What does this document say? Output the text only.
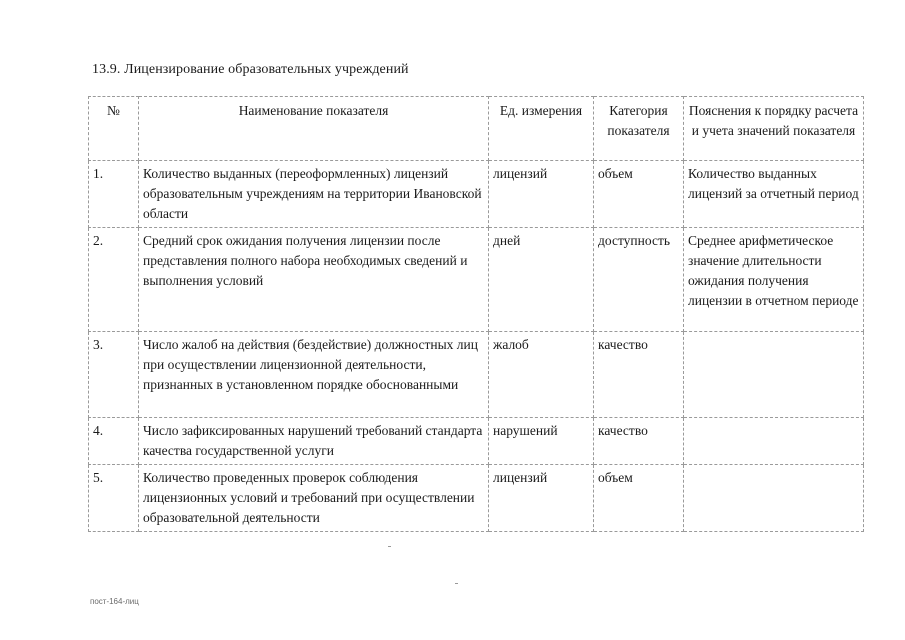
13.9. Лицензирование образовательных учреждений
№	Наименование показателя	Ед. измерения	Категория показателя	Пояснения к порядку расчета и учета значений показателя
1.	Количество выданных (переоформленных) лицензий образовательным учреждениям на территории Ивановской области	лицензий	объем	Количество выданных лицензий за отчетный период
2.	Средний срок ожидания получения лицензии после представления полного набора необходимых сведений и выполнения условий	дней	доступность	Среднее арифметическое значение длительности ожидания получения лицензии в отчетном периоде
3.	Число жалоб на действия (бездействие) должностных лиц при осуществлении лицензионной деятельности, признанных в установленном порядке обоснованными	жалоб	качество	
4.	Число зафиксированных нарушений требований стандарта качества государственной услуги	нарушений	качество	
5.	Количество проведенных проверок соблюдения лицензионных условий и требований при осуществлении образовательной деятельности	лицензий	объем	
пост-164-лиц
